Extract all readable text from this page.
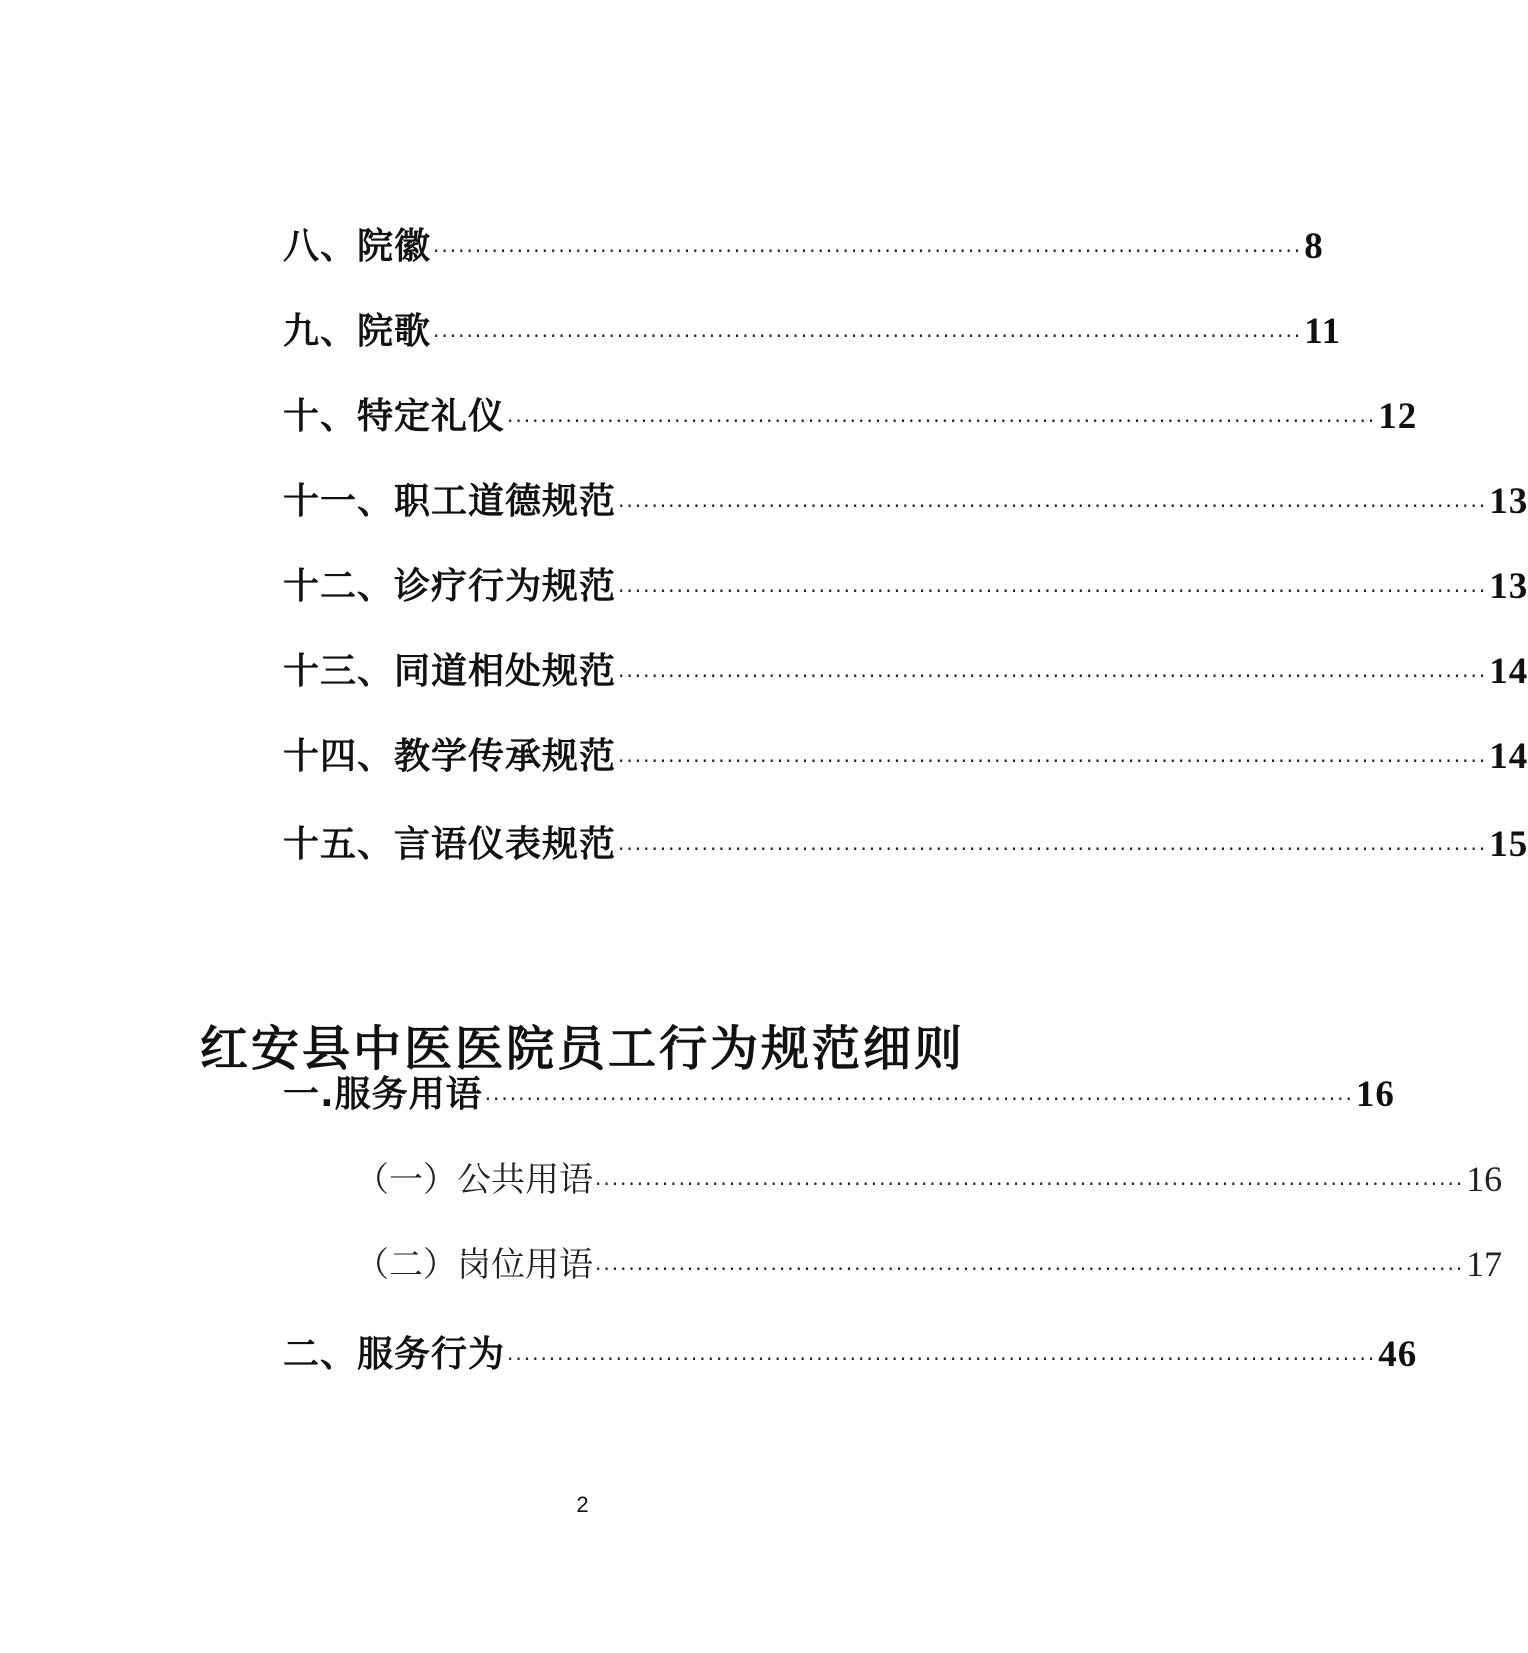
八、院徽 ········································································································ 8
九、院歌 ········································································································ 11
十、特定礼仪 ········································································································ 12
十一、职工道德规范 ········································································································ 13
十二、诊疗行为规范 ········································································································ 13
十三、同道相处规范 ········································································································ 14
十四、教学传承规范 ········································································································ 14
十五、言语仪表规范 ········································································································ 15
红安县中医医院员工行为规范细则
一.服务用语 ········································································································ 16
（一）公共用语 ········································································································ 16
（二）岗位用语 ········································································································ 17
二、服务行为 ········································································································ 46
2
